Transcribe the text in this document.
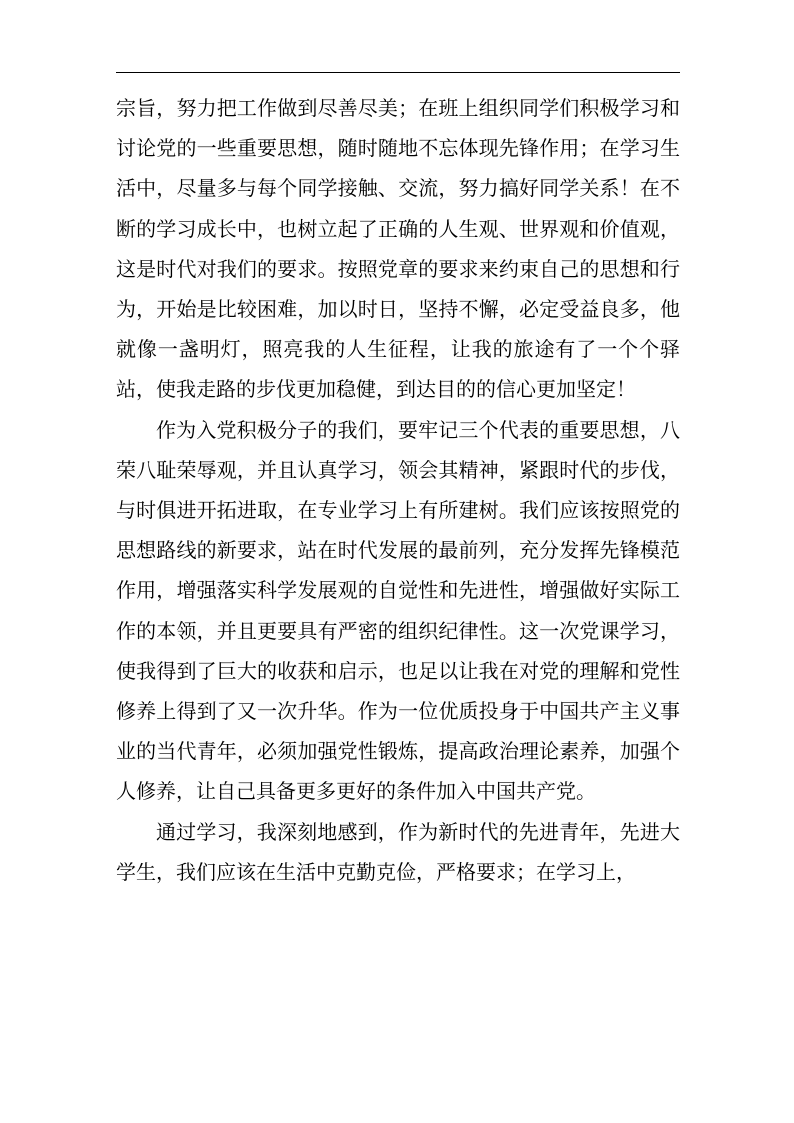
宗旨，努力把工作做到尽善尽美；在班上组织同学们积极学习和讨论党的一些重要思想，随时随地不忘体现先锋作用；在学习生活中，尽量多与每个同学接触、交流，努力搞好同学关系！在不断的学习成长中，也树立起了正确的人生观、世界观和价值观，这是时代对我们的要求。按照党章的要求来约束自己的思想和行为，开始是比较困难，加以时日，坚持不懈，必定受益良多，他就像一盏明灯，照亮我的人生征程，让我的旅途有了一个个驿站，使我走路的步伐更加稳健，到达目的的信心更加坚定！

作为入党积极分子的我们，要牢记三个代表的重要思想，八荣八耻荣辱观，并且认真学习，领会其精神，紧跟时代的步伐，与时俱进开拓进取，在专业学习上有所建树。我们应该按照党的思想路线的新要求，站在时代发展的最前列，充分发挥先锋模范作用，增强落实科学发展观的自觉性和先进性，增强做好实际工作的本领，并且更要具有严密的组织纪律性。这一次党课学习，使我得到了巨大的收获和启示，也足以让我在对党的理解和党性修养上得到了又一次升华。作为一位优质投身于中国共产主义事业的当代青年，必须加强党性锻炼，提高政治理论素养，加强个人修养，让自己具备更多更好的条件加入中国共产党。

通过学习，我深刻地感到，作为新时代的先进青年，先进大学生，我们应该在生活中克勤克俭，严格要求；在学习上，
